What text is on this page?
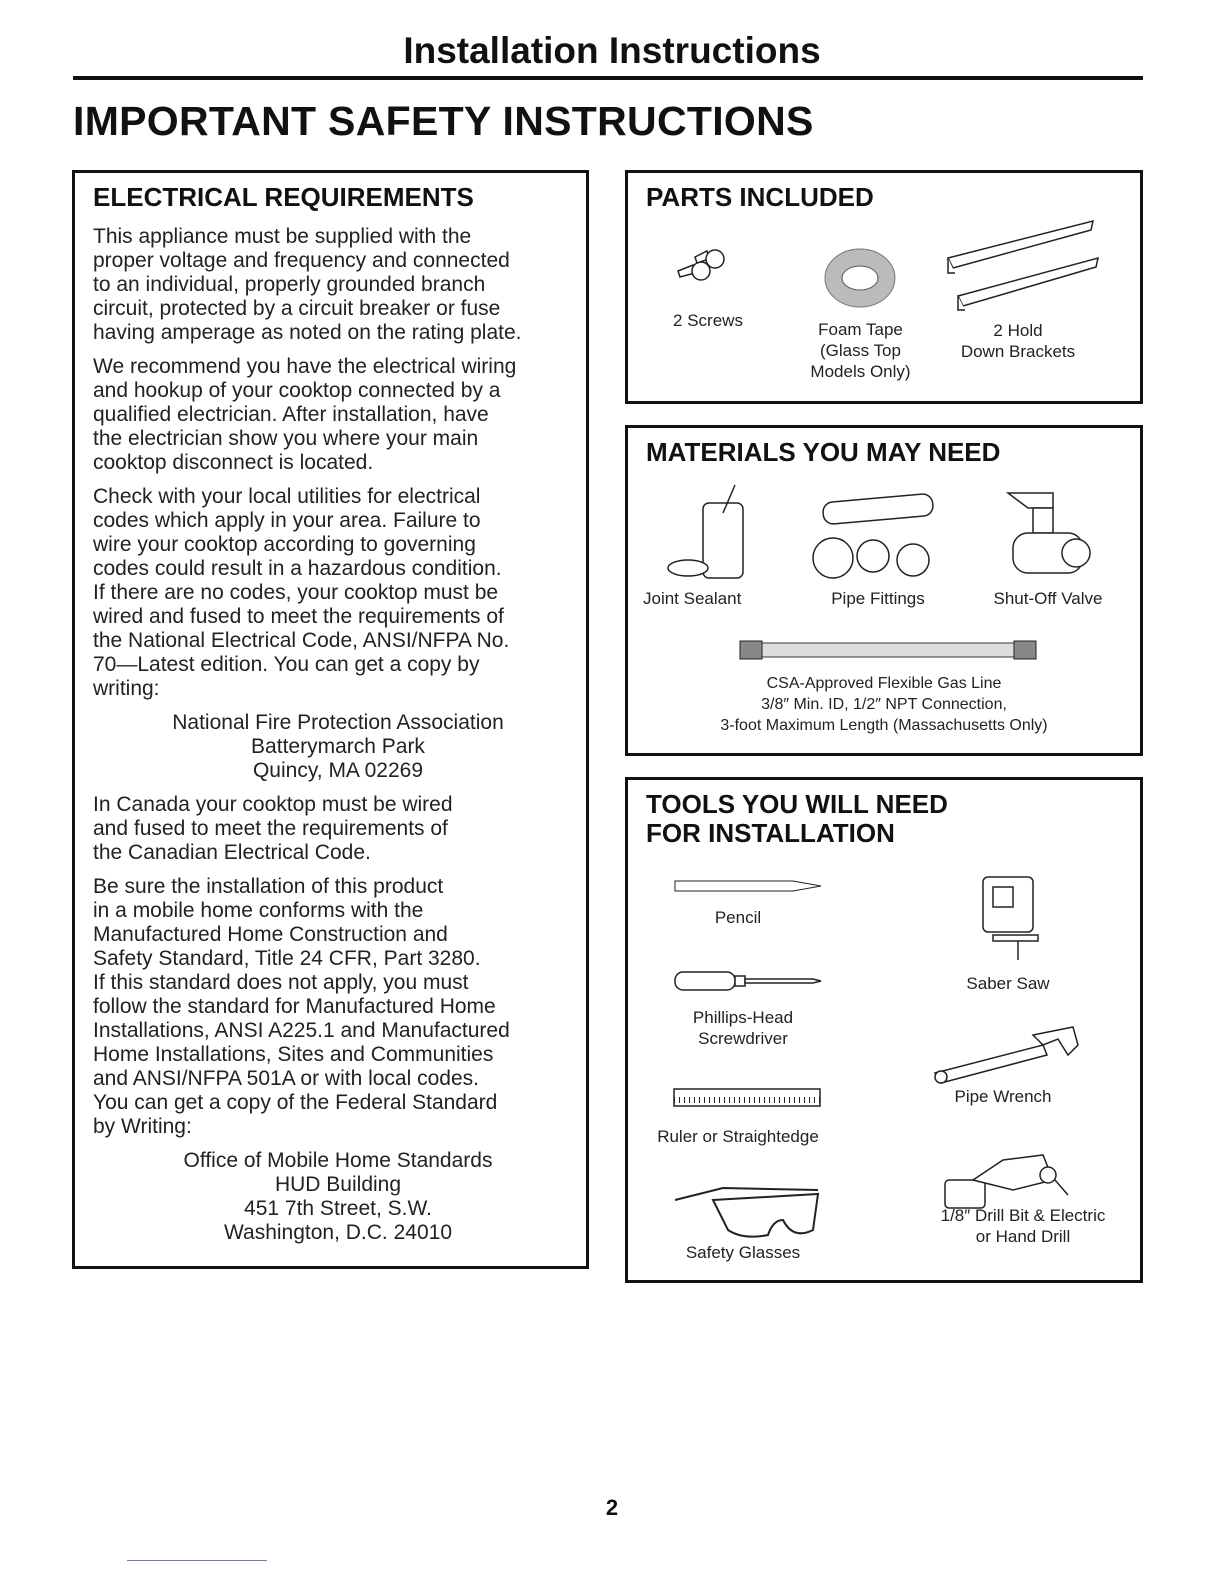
Installation Instructions
IMPORTANT SAFETY INSTRUCTIONS
ELECTRICAL REQUIREMENTS
This appliance must be supplied with the
proper voltage and frequency and connected
to an individual, properly grounded branch
circuit, protected by a circuit breaker or fuse
having amperage as noted on the rating plate.
We recommend you have the electrical wiring
and hookup of your cooktop connected by a
qualified electrician. After installation, have
the electrician show you where your main
cooktop disconnect is located.
Check with your local utilities for electrical
codes which apply in your area. Failure to
wire your cooktop according to governing
codes could result in a hazardous condition.
If there are no codes, your cooktop must be
wired and fused to meet the requirements of
the National Electrical Code, ANSI/NFPA No.
70—Latest edition. You can get a copy by
writing:
National Fire Protection Association
Batterymarch Park
Quincy, MA 02269
In Canada your cooktop must be wired
and fused to meet the requirements of
the Canadian Electrical Code.
Be sure the installation of this product
in a mobile home conforms with the
Manufactured Home Construction and
Safety Standard, Title 24 CFR, Part 3280.
If this standard does not apply, you must
follow the standard for Manufactured Home
Installations, ANSI A225.1 and Manufactured
Home Installations, Sites and Communities
and ANSI/NFPA 501A or with local codes.
You can get a copy of the Federal Standard
by Writing:
Office of Mobile Home Standards
HUD Building
451 7th Street, S.W.
Washington, D.C. 24010
PARTS INCLUDED
2 Screws	Foam Tape
(Glass Top
Models Only)
2 Hold
Down Brackets
MATERIALS YOU MAY NEED
Joint Sealant	Pipe Fittings	Shut-Off Valve
CSA-Approved Flexible Gas Line
3/8″ Min. ID, 1/2″ NPT Connection,
3-foot Maximum Length (Massachusetts Only)
TOOLS YOU WILL NEED
FOR INSTALLATION
Pencil
Phillips-Head
Screwdriver
Ruler or Straightedge
Safety Glasses
Saber Saw
Pipe Wrench
1/8″ Drill Bit & Electric
or Hand Drill
2
